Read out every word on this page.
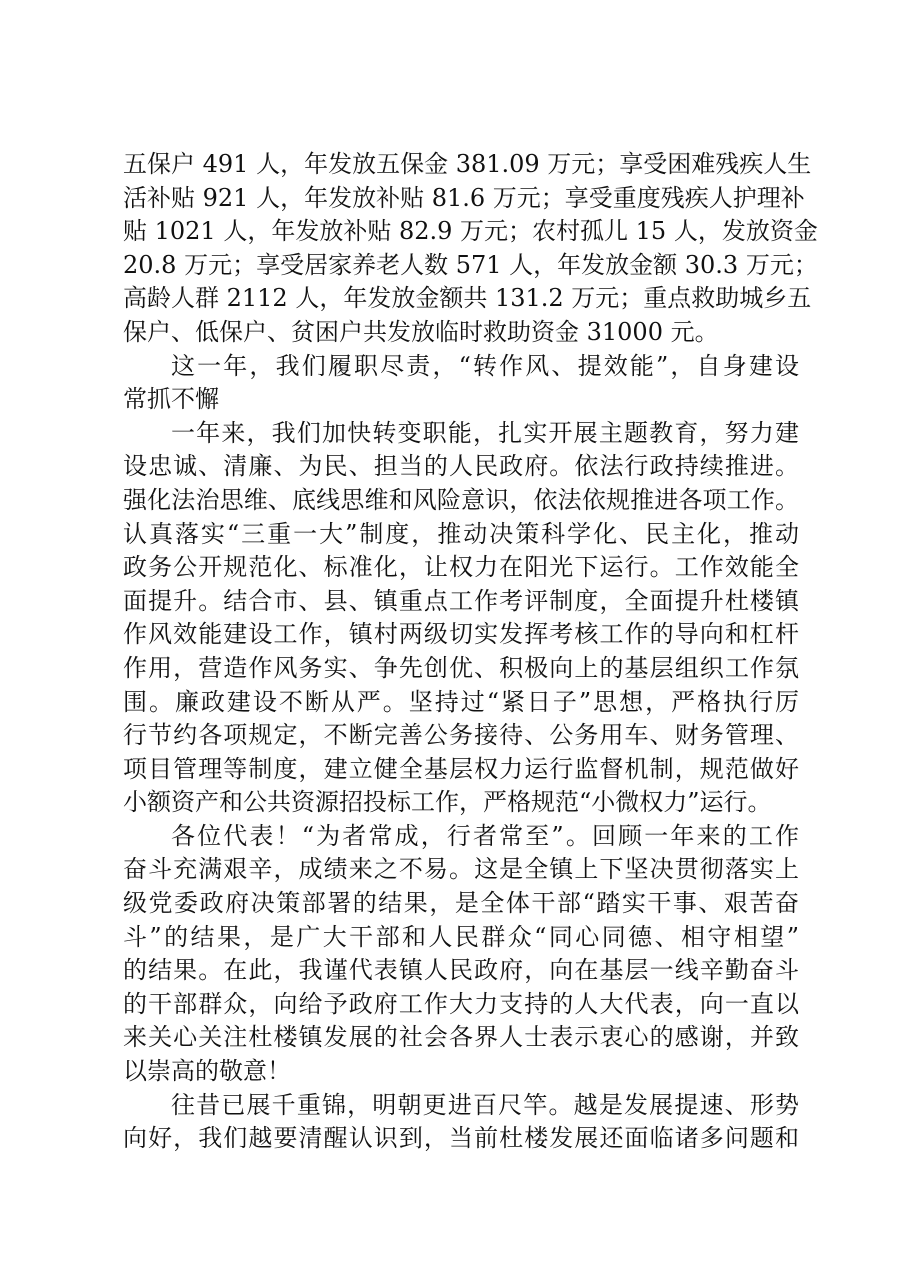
五保户 491 人，年发放五保金 381.09 万元；享受困难残疾人生
活补贴 921 人，年发放补贴 81.6 万元；享受重度残疾人护理补
贴 1021 人，年发放补贴 82.9 万元；农村孤儿 15 人，发放资金
20.8 万元；享受居家养老人数 571 人，年发放金额 30.3 万元；
高龄人群 2112 人，年发放金额共 131.2 万元；重点救助城乡五
保户、低保户、贫困户共发放临时救助资金 31000 元。
这一年，我们履职尽责，“转作风、提效能”，自身建设
常抓不懈
一年来，我们加快转变职能，扎实开展主题教育，努力建
设忠诚、清廉、为民、担当的人民政府。依法行政持续推进。
强化法治思维、底线思维和风险意识，依法依规推进各项工作。
认真落实“三重一大”制度，推动决策科学化、民主化，推动
政务公开规范化、标准化，让权力在阳光下运行。工作效能全
面提升。结合市、县、镇重点工作考评制度，全面提升杜楼镇
作风效能建设工作，镇村两级切实发挥考核工作的导向和杠杆
作用，营造作风务实、争先创优、积极向上的基层组织工作氛
围。廉政建设不断从严。坚持过“紧日子”思想，严格执行厉
行节约各项规定，不断完善公务接待、公务用车、财务管理、
项目管理等制度，建立健全基层权力运行监督机制，规范做好
小额资产和公共资源招投标工作，严格规范“小微权力”运行。
各位代表！“为者常成，行者常至”。回顾一年来的工作
奋斗充满艰辛，成绩来之不易。这是全镇上下坚决贯彻落实上
级党委政府决策部署的结果，是全体干部“踏实干事、艰苦奋
斗”的结果，是广大干部和人民群众“同心同德、相守相望”
的结果。在此，我谨代表镇人民政府，向在基层一线辛勤奋斗
的干部群众，向给予政府工作大力支持的人大代表，向一直以
来关心关注杜楼镇发展的社会各界人士表示衷心的感谢，并致
以崇高的敬意！
往昔已展千重锦，明朝更进百尺竿。越是发展提速、形势
向好，我们越要清醒认识到，当前杜楼发展还面临诸多问题和
